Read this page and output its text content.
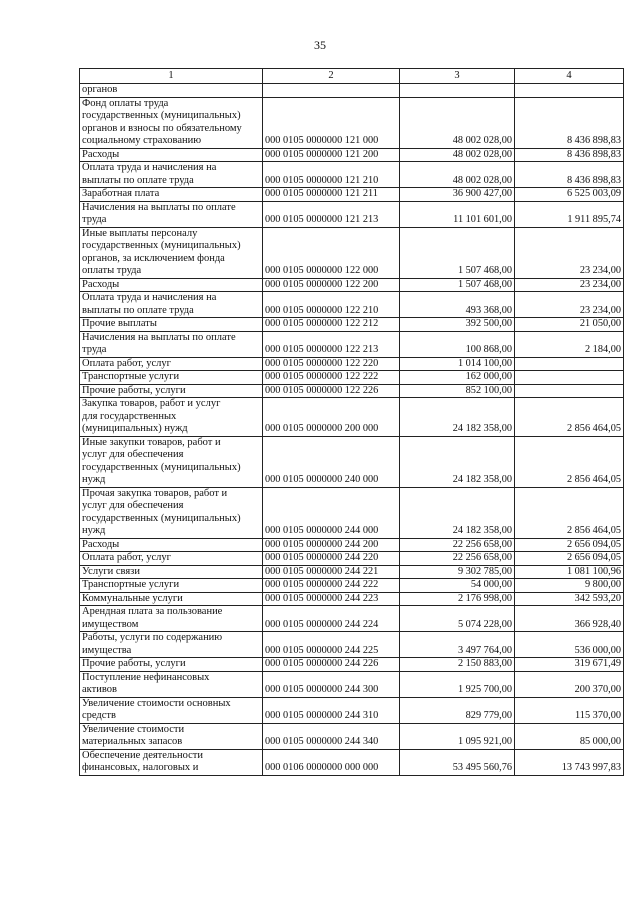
35
1	2	3	4
органов			
Фонд оплаты труда
государственных (муниципальных)
органов и взносы по обязательному
социальному страхованию	000 0105 0000000 121 000	48 002 028,00	8 436 898,83
Расходы	000 0105 0000000 121 200	48 002 028,00	8 436 898,83
Оплата труда и начисления на
выплаты по оплате труда	000 0105 0000000 121 210	48 002 028,00	8 436 898,83
Заработная плата	000 0105 0000000 121 211	36 900 427,00	6 525 003,09
Начисления на выплаты по оплате
труда	000 0105 0000000 121 213	11 101 601,00	1 911 895,74
Иные выплаты персоналу
государственных (муниципальных)
органов, за исключением фонда
оплаты труда	000 0105 0000000 122 000	1 507 468,00	23 234,00
Расходы	000 0105 0000000 122 200	1 507 468,00	23 234,00
Оплата труда и начисления на
выплаты по оплате труда	000 0105 0000000 122 210	493 368,00	23 234,00
Прочие выплаты	000 0105 0000000 122 212	392 500,00	21 050,00
Начисления на выплаты по оплате
труда	000 0105 0000000 122 213	100 868,00	2 184,00
Оплата работ, услуг	000 0105 0000000 122 220	1 014 100,00	
Транспортные услуги	000 0105 0000000 122 222	162 000,00	
Прочие работы, услуги	000 0105 0000000 122 226	852 100,00	
Закупка товаров, работ и услуг
для государственных
(муниципальных) нужд	000 0105 0000000 200 000	24 182 358,00	2 856 464,05
Иные закупки товаров, работ и
услуг для обеспечения
государственных (муниципальных)
нужд	000 0105 0000000 240 000	24 182 358,00	2 856 464,05
Прочая закупка товаров, работ и
услуг для обеспечения
государственных (муниципальных)
нужд	000 0105 0000000 244 000	24 182 358,00	2 856 464,05
Расходы	000 0105 0000000 244 200	22 256 658,00	2 656 094,05
Оплата работ, услуг	000 0105 0000000 244 220	22 256 658,00	2 656 094,05
Услуги связи	000 0105 0000000 244 221	9 302 785,00	1 081 100,96
Транспортные услуги	000 0105 0000000 244 222	54 000,00	9 800,00
Коммунальные услуги	000 0105 0000000 244 223	2 176 998,00	342 593,20
Арендная плата за пользование
имуществом	000 0105 0000000 244 224	5 074 228,00	366 928,40
Работы, услуги по содержанию
имущества	000 0105 0000000 244 225	3 497 764,00	536 000,00
Прочие работы, услуги	000 0105 0000000 244 226	2 150 883,00	319 671,49
Поступление нефинансовых
активов	000 0105 0000000 244 300	1 925 700,00	200 370,00
Увеличение стоимости основных
средств	000 0105 0000000 244 310	829 779,00	115 370,00
Увеличение стоимости
материальных запасов	000 0105 0000000 244 340	1 095 921,00	85 000,00
Обеспечение деятельности
финансовых, налоговых и	000 0106 0000000 000 000	53 495 560,76	13 743 997,83
